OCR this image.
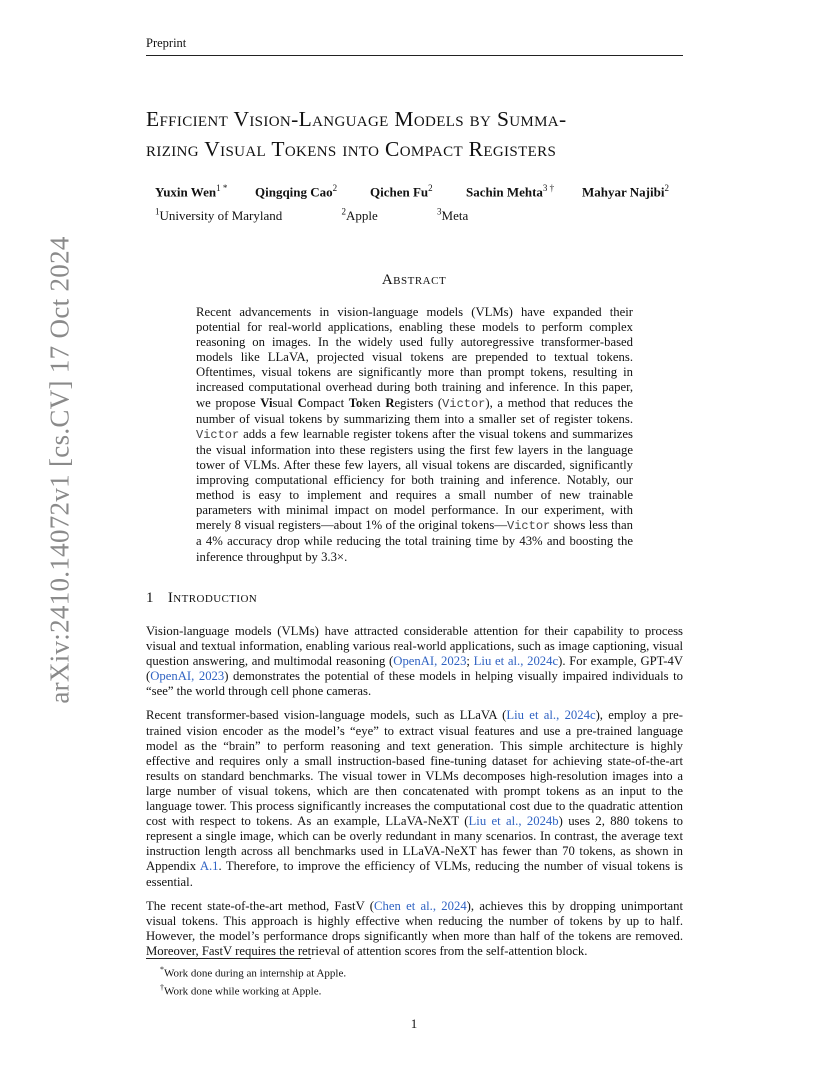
Preprint
arXiv:2410.14072v1 [cs.CV] 17 Oct 2024
Efficient Vision-Language Models by Summa-
rizing Visual Tokens into Compact Registers
Yuxin Wen$^{1 *}$ Qingqing Cao$^2$	Qichen Fu$^2$	Sachin Mehta$^{3 \dagger}$ Mahyar Najibi$^2$
$^1$University of Maryland	$^2$Apple	$^3$Meta
Abstract
Recent advancements in vision-language models (VLMs) have expanded their potential for real-world applications, enabling these models to perform complex reasoning on images. In the widely used fully autoregressive transformer-based models like LLaVA, projected visual tokens are prepended to textual tokens. Oftentimes, visual tokens are significantly more than prompt tokens, resulting in increased computational overhead during both training and inference. In this paper, we propose Visual Compact Token Registers (Victor), a method that reduces the number of visual tokens by summarizing them into a smaller set of register tokens. Victor adds a few learnable register tokens after the visual tokens and summarizes the visual information into these registers using the first few layers in the language tower of VLMs. After these few layers, all visual tokens are discarded, significantly improving computational efficiency for both training and inference. Notably, our method is easy to implement and requires a small number of new trainable parameters with minimal impact on model performance. In our experiment, with merely 8 visual registers—about 1% of the original tokens—Victor shows less than a 4% accuracy drop while reducing the total training time by 43% and boosting the inference throughput by 3.3×.
1 Introduction

Vision-language models (VLMs) have attracted considerable attention for their capability to process visual and textual information, enabling various real-world applications, such as image captioning, visual question answering, and multimodal reasoning (OpenAI, 2023; Liu et al., 2024c). For example, GPT-4V (OpenAI, 2023) demonstrates the potential of these models in helping visually impaired individuals to “see” the world through cell phone cameras.

Recent transformer-based vision-language models, such as LLaVA (Liu et al., 2024c), employ a pre-trained vision encoder as the model’s “eye” to extract visual features and use a pre-trained language model as the “brain” to perform reasoning and text generation. This simple architecture is highly effective and requires only a small instruction-based fine-tuning dataset for achieving state-of-the-art results on standard benchmarks. The visual tower in VLMs decomposes high-resolution images into a large number of visual tokens, which are then concatenated with prompt tokens as an input to the language tower. This process significantly increases the computational cost due to the quadratic attention cost with respect to tokens. As an example, LLaVA-NeXT (Liu et al., 2024b) uses 2, 880 tokens to represent a single image, which can be overly redundant in many scenarios. In contrast, the average text instruction length across all benchmarks used in LLaVA-NeXT has fewer than 70 tokens, as shown in Appendix A.1. Therefore, to improve the efficiency of VLMs, reducing the number of visual tokens is essential.

The recent state-of-the-art method, FastV (Chen et al., 2024), achieves this by dropping unimportant visual tokens. This approach is highly effective when reducing the number of tokens by up to half. However, the model’s performance drops significantly when more than half of the tokens are removed. Moreover, FastV requires the retrieval of attention scores from the self-attention block.

*Work done during an internship at Apple.
†Work done while working at Apple.
1
